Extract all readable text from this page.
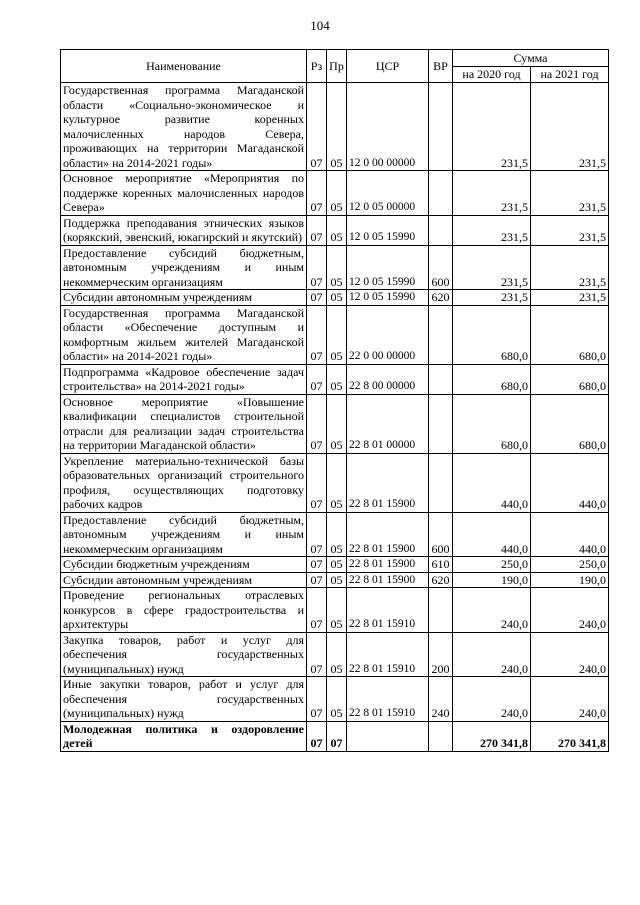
104
Наименование	Рз	Пр	ЦСР	ВР	Сумма	
					на 2020 год	на 2021 год
Государственная программа Магаданской области «Социально-экономическое и культурное развитие коренных малочисленных народов Севера, проживающих на территории Магаданской области» на 2014-2021 годы»	07	05	12 0 00 00000		231,5	231,5
Основное мероприятие «Мероприятия по поддержке коренных малочисленных народов Севера»	07	05	12 0 05 00000		231,5	231,5
Поддержка преподавания этнических языков (корякский, эвенский, юкагирский и якутский)	07	05	12 0 05 15990		231,5	231,5
Предоставление субсидий бюджетным, автономным учреждениям и иным некоммерческим организациям	07	05	12 0 05 15990	600	231,5	231,5
Субсидии автономным учреждениям	07	05	12 0 05 15990	620	231,5	231,5
Государственная программа Магаданской области «Обеспечение доступным и комфортным жильем жителей Магаданской области» на 2014-2021 годы»	07	05	22 0 00 00000		680,0	680,0
Подпрограмма «Кадровое обеспечение задач строительства» на 2014-2021 годы»	07	05	22 8 00 00000		680,0	680,0
Основное мероприятие «Повышение квалификации специалистов строительной отрасли для реализации задач строительства на территории Магаданской области»	07	05	22 8 01 00000		680,0	680,0
Укрепление материально-технической базы образовательных организаций строительного профиля, осуществляющих подготовку рабочих кадров	07	05	22 8 01 15900		440,0	440,0
Предоставление субсидий бюджетным, автономным учреждениям и иным некоммерческим организациям	07	05	22 8 01 15900	600	440,0	440,0
Субсидии бюджетным учреждениям	07	05	22 8 01 15900	610	250,0	250,0
Субсидии автономным учреждениям	07	05	22 8 01 15900	620	190,0	190,0
Проведение региональных отраслевых конкурсов в сфере градостроительства и архитектуры	07	05	22 8 01 15910		240,0	240,0
Закупка товаров, работ и услуг для обеспечения государственных (муниципальных) нужд	07	05	22 8 01 15910	200	240,0	240,0
Иные закупки товаров, работ и услуг для обеспечения государственных (муниципальных) нужд	07	05	22 8 01 15910	240	240,0	240,0
Молодежная политика и оздоровление детей	07	07			270 341,8	270 341,8
